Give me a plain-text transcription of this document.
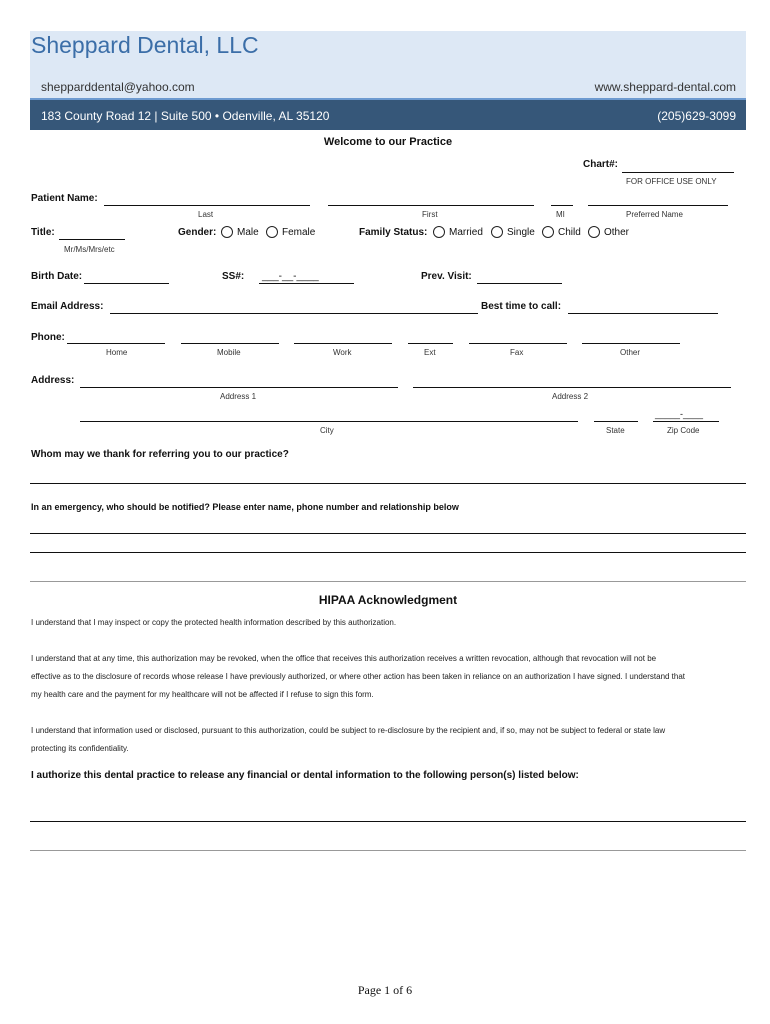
Sheppard Dental, LLC
shepparddental@yahoo.com	www.sheppard-dental.com
183 County Road 12 | Suite 500 • Odenville, AL 35120	(205)629-3099
Welcome to our Practice
Chart#:
FOR OFFICE USE ONLY
Patient Name:
Last	First	MI	Preferred Name
Title:
Mr/Ms/Mrs/etc
Gender: Male Female	Family Status: Married Single Child Other
Birth Date:	SS#: ___-__-____	Prev. Visit:
Email Address:	Best time to call:
Phone:
Home	Mobile	Work	Ext	Fax	Other
Address:
Address 1	Address 2
_____-____
City	State	Zip Code
Whom may we thank for referring you to our practice?
In an emergency, who should be notified? Please enter name, phone number and relationship below
HIPAA Acknowledgment
I understand that I may inspect or copy the protected health information described by this authorization.
I understand that at any time, this authorization may be revoked, when the office that receives this authorization receives a written revocation, although that revocation will not be
effective as to the disclosure of records whose release I have previously authorized, or where other action has been taken in reliance on an authorization I have signed. I understand that
my health care and the payment for my healthcare will not be affected if I refuse to sign this form.
I understand that information used or disclosed, pursuant to this authorization, could be subject to re-disclosure by the recipient and, if so, may not be subject to federal or state law
protecting its confidentiality.
I authorize this dental practice to release any financial or dental information to the following person(s) listed below:
Page 1 of 6
